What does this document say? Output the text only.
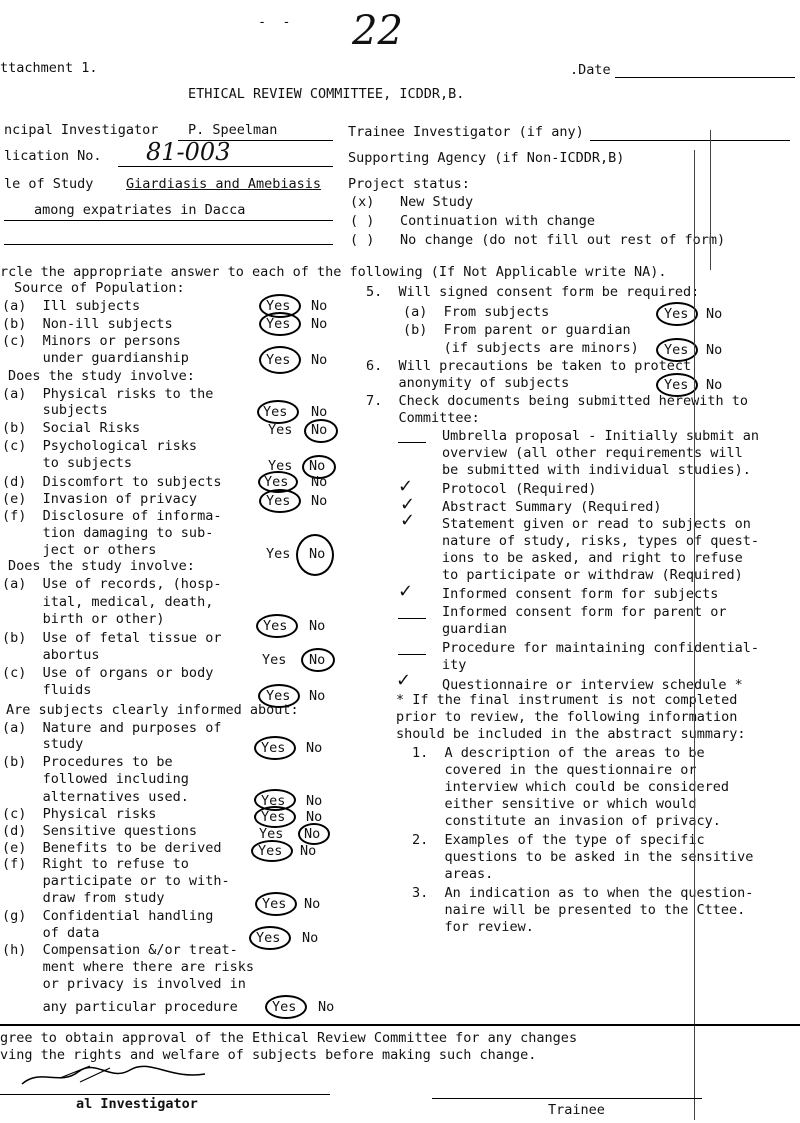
22
-  -
ttachment 1.	.Date
ETHICAL REVIEW COMMITTEE, ICDDR,B.
ncipal Investigator P. Speelman
lication No. 81-003
le of Study Giardiasis and Amebiasis
among expatriates in Dacca
Trainee Investigator (if any)
Supporting Agency (if Non-ICDDR,B)
Project status:
(x) New Study
( ) Continuation with change
( ) No change (do not fill out rest of form)
rcle the appropriate answer to each of the following (If Not Applicable write NA).
Source of Population:
(a)  Ill subjects	Yes No
(b)  Non-ill subjects	Yes No
(c)  Minors or persons
under guardianship	Yes No
Does the study involve:
(a)  Physical risks to the
subjects	Yes No
(b)  Social Risks	Yes No
(c)  Psychological risks
to subjects	Yes No
(d)  Discomfort to subjects	Yes No
(e)  Invasion of privacy	Yes No
(f)  Disclosure of informa-
tion damaging to sub-
ject or others	Yes No
Does the study involve:
(a)  Use of records, (hosp-
ital, medical, death,
birth or other)	Yes No
(b)  Use of fetal tissue or
abortus	Yes No
(c)  Use of organs or body
fluids	Yes No
Are subjects clearly informed about:
(a)  Nature and purposes of
study	Yes No
(b)  Procedures to be
followed including
alternatives used.	Yes No
(c)  Physical risks	Yes No
(d)  Sensitive questions	Yes No
(e)  Benefits to be derived	Yes No
(f)  Right to refuse to
participate or to with-
draw from study	Yes No
(g)  Confidential handling
of data	Yes No
(h)  Compensation &/or treat-
ment where there are risks
or privacy is involved in
any particular procedure	Yes No
5.  Will signed consent form be required:
(a)  From subjects	Yes No
(b)  From parent or guardian
(if subjects are minors) Yes No
6.  Will precautions be taken to protect
anonymity of subjects	Yes No
7.  Check documents being submitted herewith to
Committee:
Umbrella proposal - Initially submit an
overview (all other requirements will
be submitted with individual studies).
✓ Protocol (Required)
✓ Abstract Summary (Required)
✓ Statement given or read to subjects on
nature of study, risks, types of quest-
ions to be asked, and right to refuse
to participate or withdraw (Required)
✓ Informed consent form for subjects
Informed consent form for parent or
guardian
Procedure for maintaining confidential-
ity
✓ Questionnaire or interview schedule *
* If the final instrument is not completed
prior to review, the following information
should be included in the abstract summary:
1.  A description of the areas to be
covered in the questionnaire or
interview which could be considered
either sensitive or which would
constitute an invasion of privacy.
2.  Examples of the type of specific
questions to be asked in the sensitive
areas.
3.  An indication as to when the question-
naire will be presented to the Cttee.
for review.
gree to obtain approval of the Ethical Review Committee for any changes
ving the rights and welfare of subjects before making such change.
al Investigator	Trainee
